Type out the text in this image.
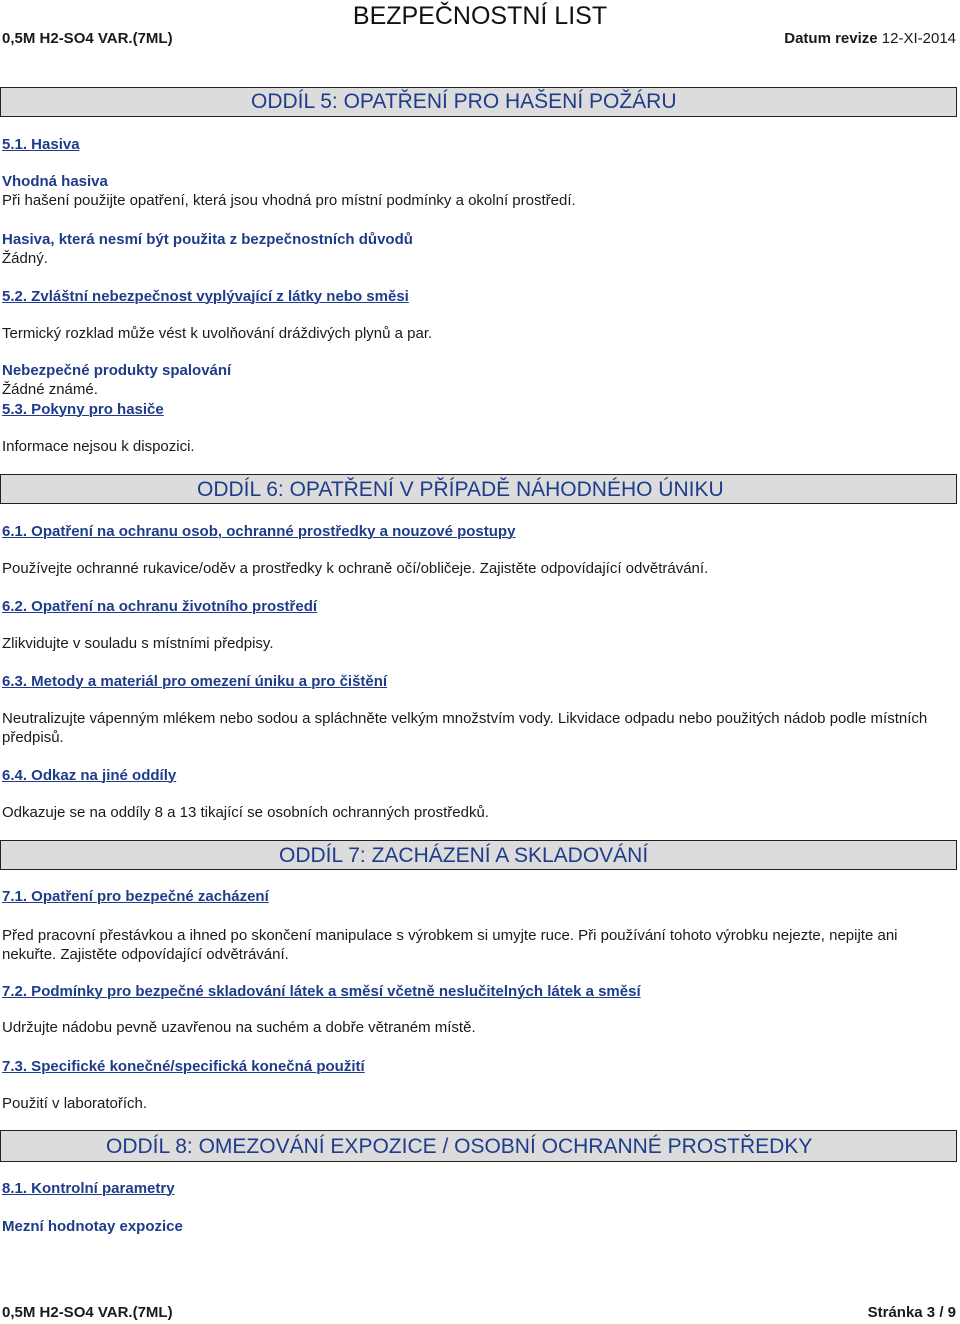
BEZPEČNOSTNÍ LIST
0,5M H2-SO4 VAR.(7ML)	Datum revize 12-XI-2014
ODDÍL 5: OPATŘENÍ PRO HAŠENÍ POŽÁRU
5.1. Hasiva
Vhodná hasiva
Při hašení použijte opatření, která jsou vhodná pro místní podmínky a okolní prostředí.
Hasiva, která nesmí být použita z bezpečnostních důvodů
Žádný.
5.2. Zvláštní nebezpečnost vyplývající z látky nebo směsi
Termický rozklad může vést k uvolňování dráždivých plynů a par.
Nebezpečné produkty spalování
Žádné známé.
5.3. Pokyny pro hasiče
Informace nejsou k dispozici.
ODDÍL 6: OPATŘENÍ V PŘÍPADĚ NÁHODNÉHO ÚNIKU
6.1. Opatření na ochranu osob, ochranné prostředky a nouzové postupy
Používejte ochranné rukavice/oděv a prostředky k ochraně očí/obličeje. Zajistěte odpovídající odvětrávání.
6.2. Opatření na ochranu životního prostředí
Zlikvidujte v souladu s místními předpisy.
6.3. Metody a materiál pro omezení úniku a pro čištění
Neutralizujte vápenným mlékem nebo sodou a spláchněte velkým množstvím vody. Likvidace odpadu nebo použitých nádob podle místních předpisů.
6.4. Odkaz na jiné oddíly
Odkazuje se na oddíly 8 a 13 tikající se osobních ochranných prostředků.
ODDÍL 7: ZACHÁZENÍ A SKLADOVÁNÍ
7.1. Opatření pro bezpečné zacházení
Před pracovní přestávkou a ihned po skončení manipulace s výrobkem si umyjte ruce. Při používání tohoto výrobku nejezte, nepijte ani nekuřte. Zajistěte odpovídající odvětrávání.
7.2. Podmínky pro bezpečné skladování látek a směsí včetně neslučitelných látek a směsí
Udržujte nádobu pevně uzavřenou na suchém a dobře větraném místě.
7.3. Specifické konečné/specifická konečná použití
Použití v laboratořích.
ODDÍL 8: OMEZOVÁNÍ EXPOZICE / OSOBNÍ OCHRANNÉ PROSTŘEDKY
8.1. Kontrolní parametry
Mezní hodnotay expozice
0,5M H2-SO4 VAR.(7ML)	Stránka 3 / 9
